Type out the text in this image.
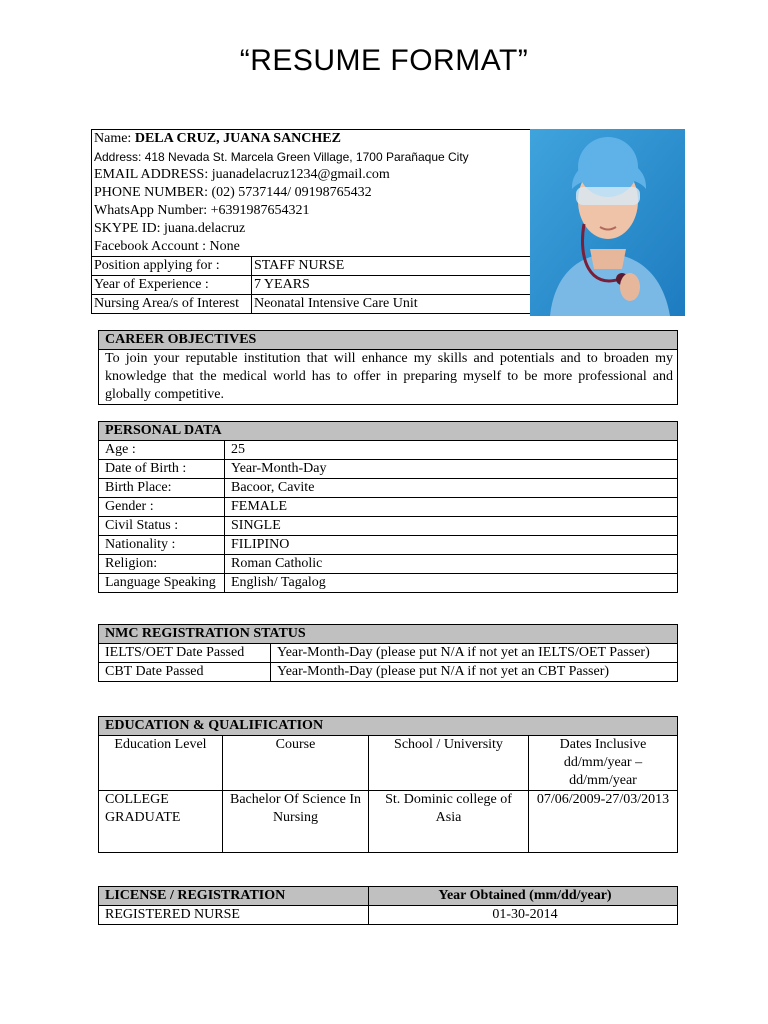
“RESUME FORMAT”
Name: DELA CRUZ, JUANA SANCHEZ	
Address: 418 Nevada St. Marcela Green Village, 1700 Parañaque City	
EMAIL ADDRESS: juanadelacruz1234@gmail.com	
PHONE NUMBER: (02) 5737144/ 09198765432	
WhatsApp Number: +6391987654321	
SKYPE ID: juana.delacruz	
Facebook Account : None	
Position applying for :	STAFF NURSE
Year of Experience :	7 YEARS
Nursing Area/s of Interest	Neonatal Intensive Care Unit
CAREER OBJECTIVES
To join your reputable institution that will enhance my skills and potentials and to broaden my knowledge that the medical world has to offer in preparing myself to be more professional and globally competitive.
PERSONAL DATA	
Age :	25
Date of Birth :	Year-Month-Day
Birth Place:	Bacoor, Cavite
Gender :	FEMALE
Civil Status :	SINGLE
Nationality :	FILIPINO
Religion:	Roman Catholic
Language Speaking	English/ Tagalog
NMC REGISTRATION STATUS	
IELTS/OET Date Passed	Year-Month-Day (please put N/A if not yet an IELTS/OET Passer)
CBT Date Passed	Year-Month-Day (please put N/A if not yet an CBT Passer)
EDUCATION & QUALIFICATION			
Education Level	Course	School / University	Dates Inclusive dd/mm/year – dd/mm/year
COLLEGE GRADUATE	Bachelor Of Science In Nursing	St. Dominic college of Asia	07/06/2009-27/03/2013
LICENSE / REGISTRATION	Year Obtained (mm/dd/year)
REGISTERED NURSE	01-30-2014
